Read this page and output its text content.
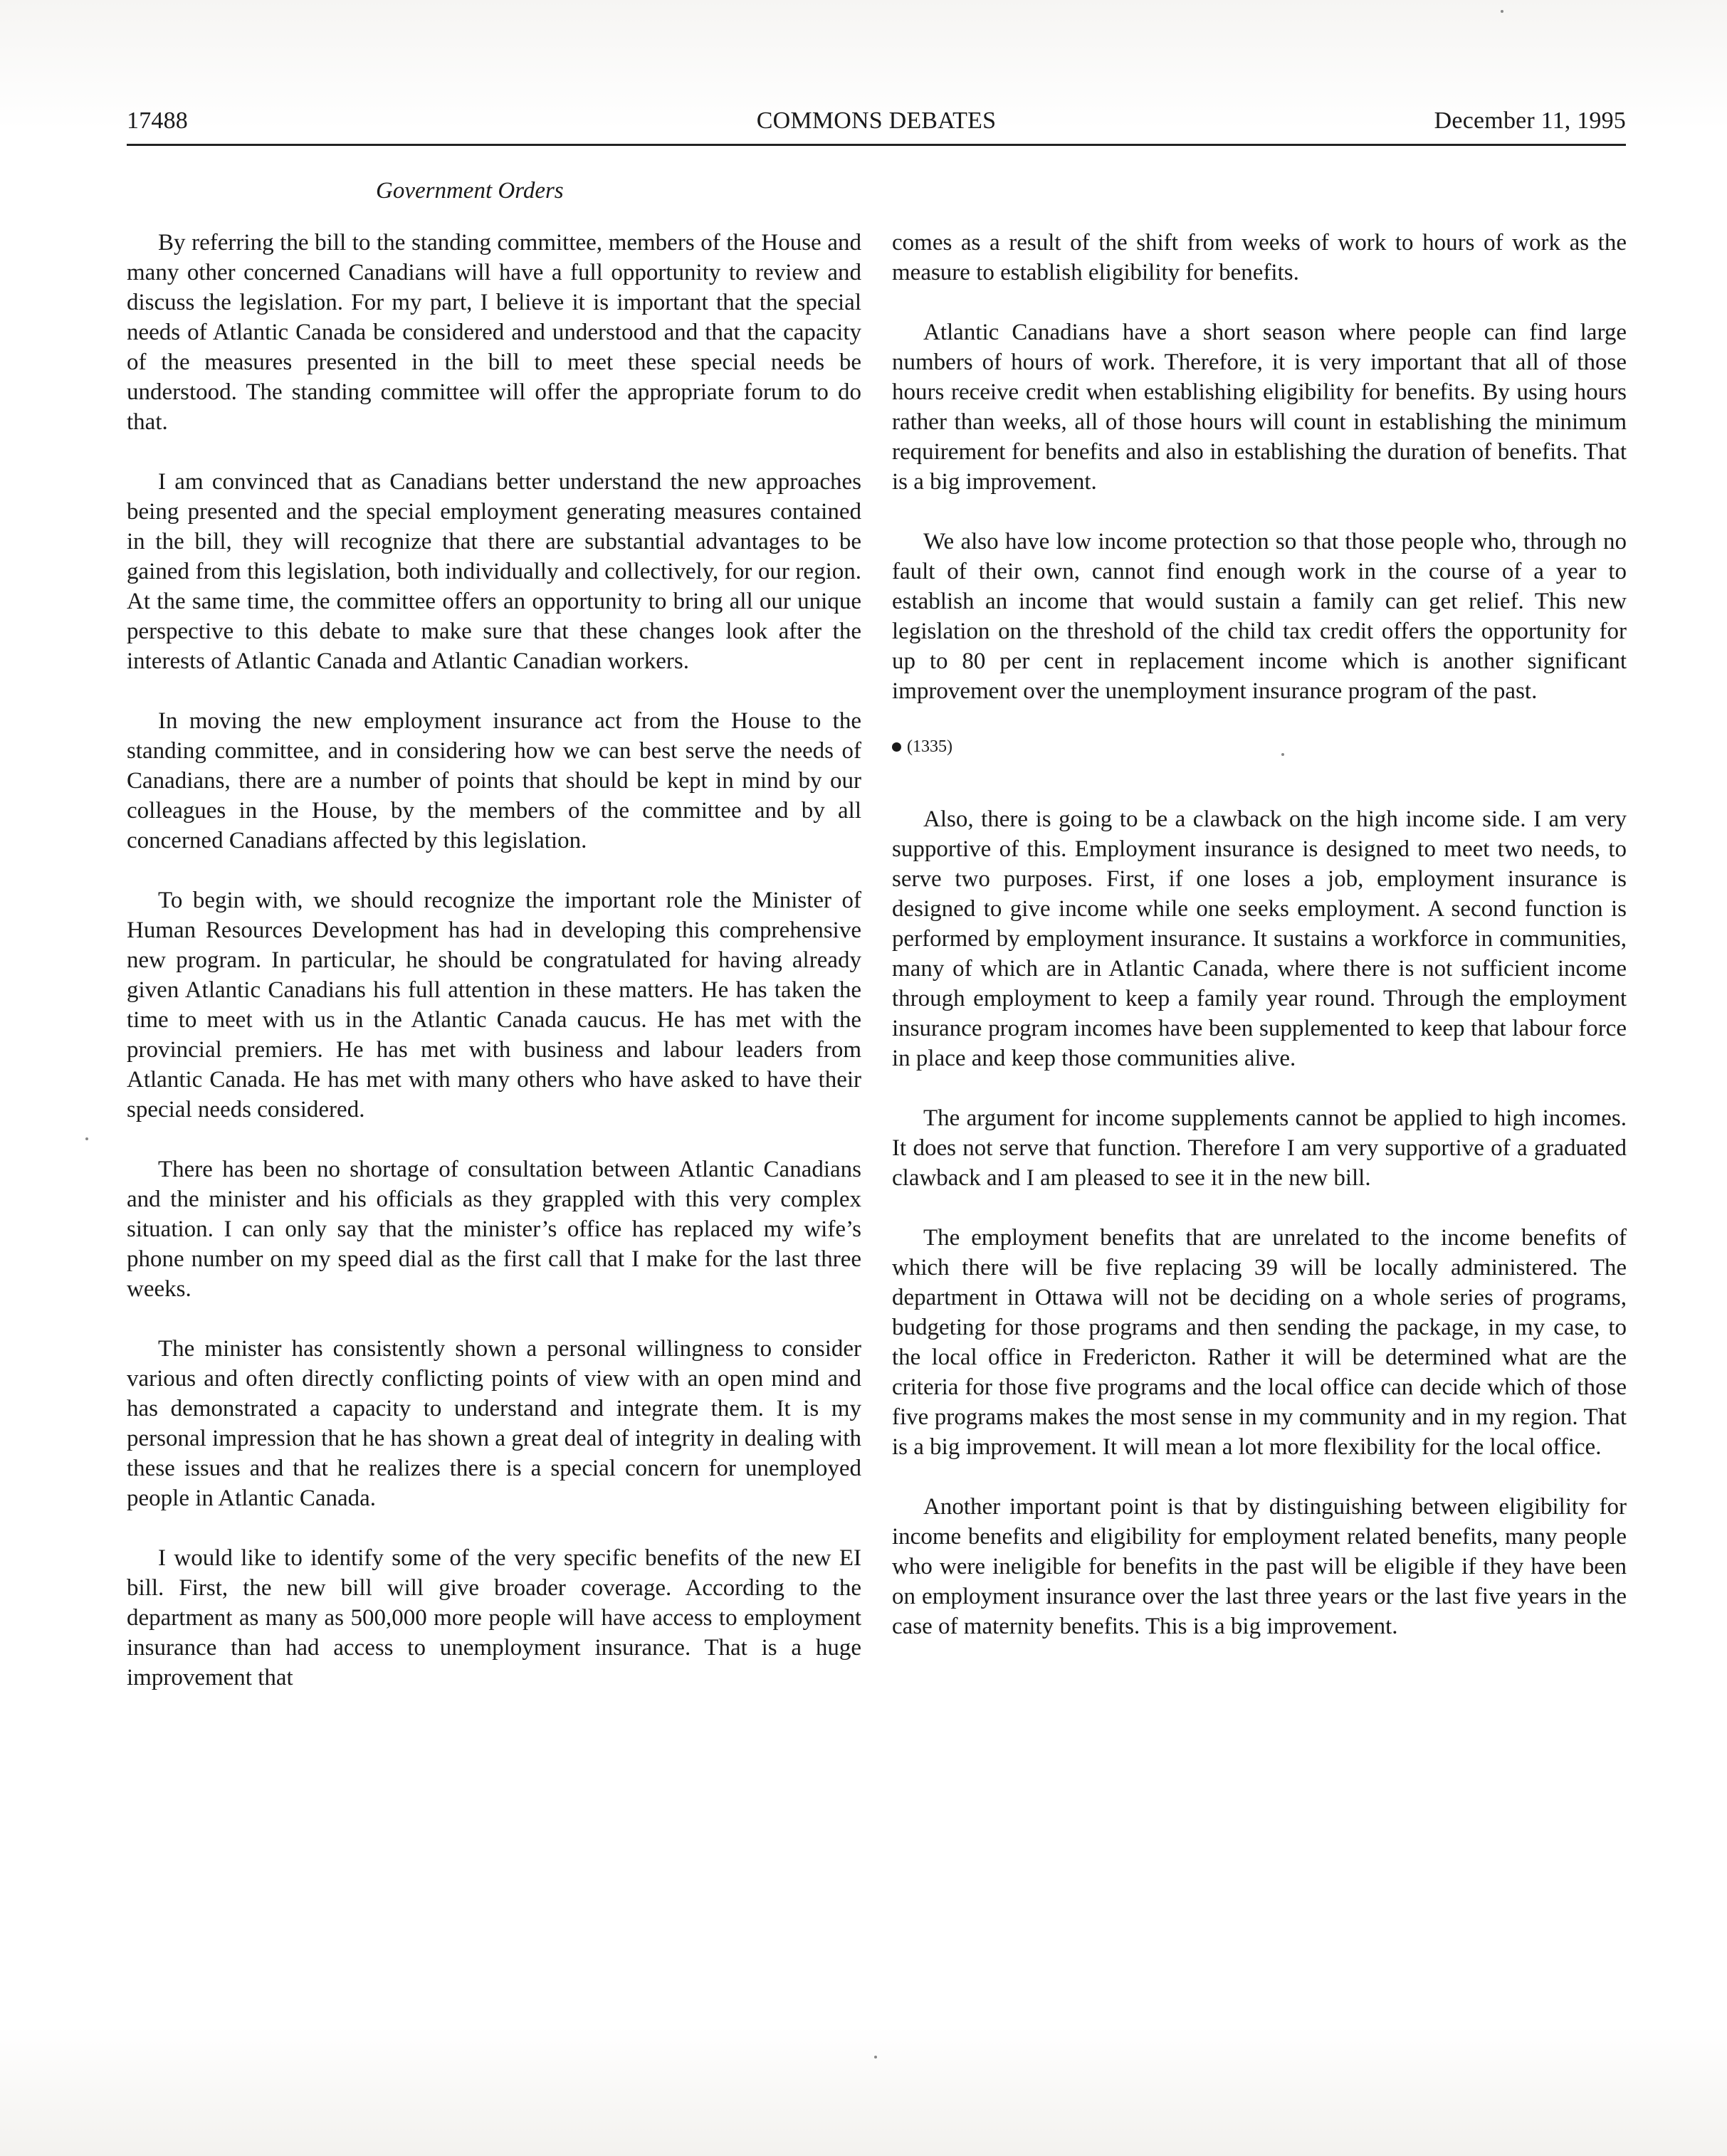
17488	COMMONS DEBATES	December 11, 1995
Government Orders

By referring the bill to the standing committee, members of the House and many other concerned Canadians will have a full opportunity to review and discuss the legislation. For my part, I believe it is important that the special needs of Atlantic Canada be considered and understood and that the capacity of the measures presented in the bill to meet these special needs be understood. The standing committee will offer the appropriate forum to do that.

I am convinced that as Canadians better understand the new approaches being presented and the special employment generating measures contained in the bill, they will recognize that there are substantial advantages to be gained from this legislation, both individually and collectively, for our region. At the same time, the committee offers an opportunity to bring all our unique perspective to this debate to make sure that these changes look after the interests of Atlantic Canada and Atlantic Canadian workers.

In moving the new employment insurance act from the House to the standing committee, and in considering how we can best serve the needs of Canadians, there are a number of points that should be kept in mind by our colleagues in the House, by the members of the committee and by all concerned Canadians affected by this legislation.

To begin with, we should recognize the important role the Minister of Human Resources Development has had in developing this comprehensive new program. In particular, he should be congratulated for having already given Atlantic Canadians his full attention in these matters. He has taken the time to meet with us in the Atlantic Canada caucus. He has met with the provincial premiers. He has met with business and labour leaders from Atlantic Canada. He has met with many others who have asked to have their special needs considered.

There has been no shortage of consultation between Atlantic Canadians and the minister and his officials as they grappled with this very complex situation. I can only say that the minister’s office has replaced my wife’s phone number on my speed dial as the first call that I make for the last three weeks.

The minister has consistently shown a personal willingness to consider various and often directly conflicting points of view with an open mind and has demonstrated a capacity to understand and integrate them. It is my personal impression that he has shown a great deal of integrity in dealing with these issues and that he realizes there is a special concern for unemployed people in Atlantic Canada.

I would like to identify some of the very specific benefits of the new EI bill. First, the new bill will give broader coverage. According to the department as many as 500,000 more people will have access to employment insurance than had access to unemployment insurance. That is a huge improvement that

comes as a result of the shift from weeks of work to hours of work as the measure to establish eligibility for benefits.

Atlantic Canadians have a short season where people can find large numbers of hours of work. Therefore, it is very important that all of those hours receive credit when establishing eligibility for benefits. By using hours rather than weeks, all of those hours will count in establishing the minimum requirement for benefits and also in establishing the duration of benefits. That is a big improvement.

We also have low income protection so that those people who, through no fault of their own, cannot find enough work in the course of a year to establish an income that would sustain a family can get relief. This new legislation on the threshold of the child tax credit offers the opportunity for up to 80 per cent in replacement income which is another significant improvement over the unemployment insurance program of the past.

(1335)

Also, there is going to be a clawback on the high income side. I am very supportive of this. Employment insurance is designed to meet two needs, to serve two purposes. First, if one loses a job, employment insurance is designed to give income while one seeks employment. A second function is performed by employment insurance. It sustains a workforce in communities, many of which are in Atlantic Canada, where there is not sufficient income through employment to keep a family year round. Through the employment insurance program incomes have been supplemented to keep that labour force in place and keep those communities alive.

The argument for income supplements cannot be applied to high incomes. It does not serve that function. Therefore I am very supportive of a graduated clawback and I am pleased to see it in the new bill.

The employment benefits that are unrelated to the income benefits of which there will be five replacing 39 will be locally administered. The department in Ottawa will not be deciding on a whole series of programs, budgeting for those programs and then sending the package, in my case, to the local office in Fredericton. Rather it will be determined what are the criteria for those five programs and the local office can decide which of those five programs makes the most sense in my community and in my region. That is a big improvement. It will mean a lot more flexibility for the local office.

Another important point is that by distinguishing between eligibility for income benefits and eligibility for employment related benefits, many people who were ineligible for benefits in the past will be eligible if they have been on employment insurance over the last three years or the last five years in the case of maternity benefits. This is a big improvement.
